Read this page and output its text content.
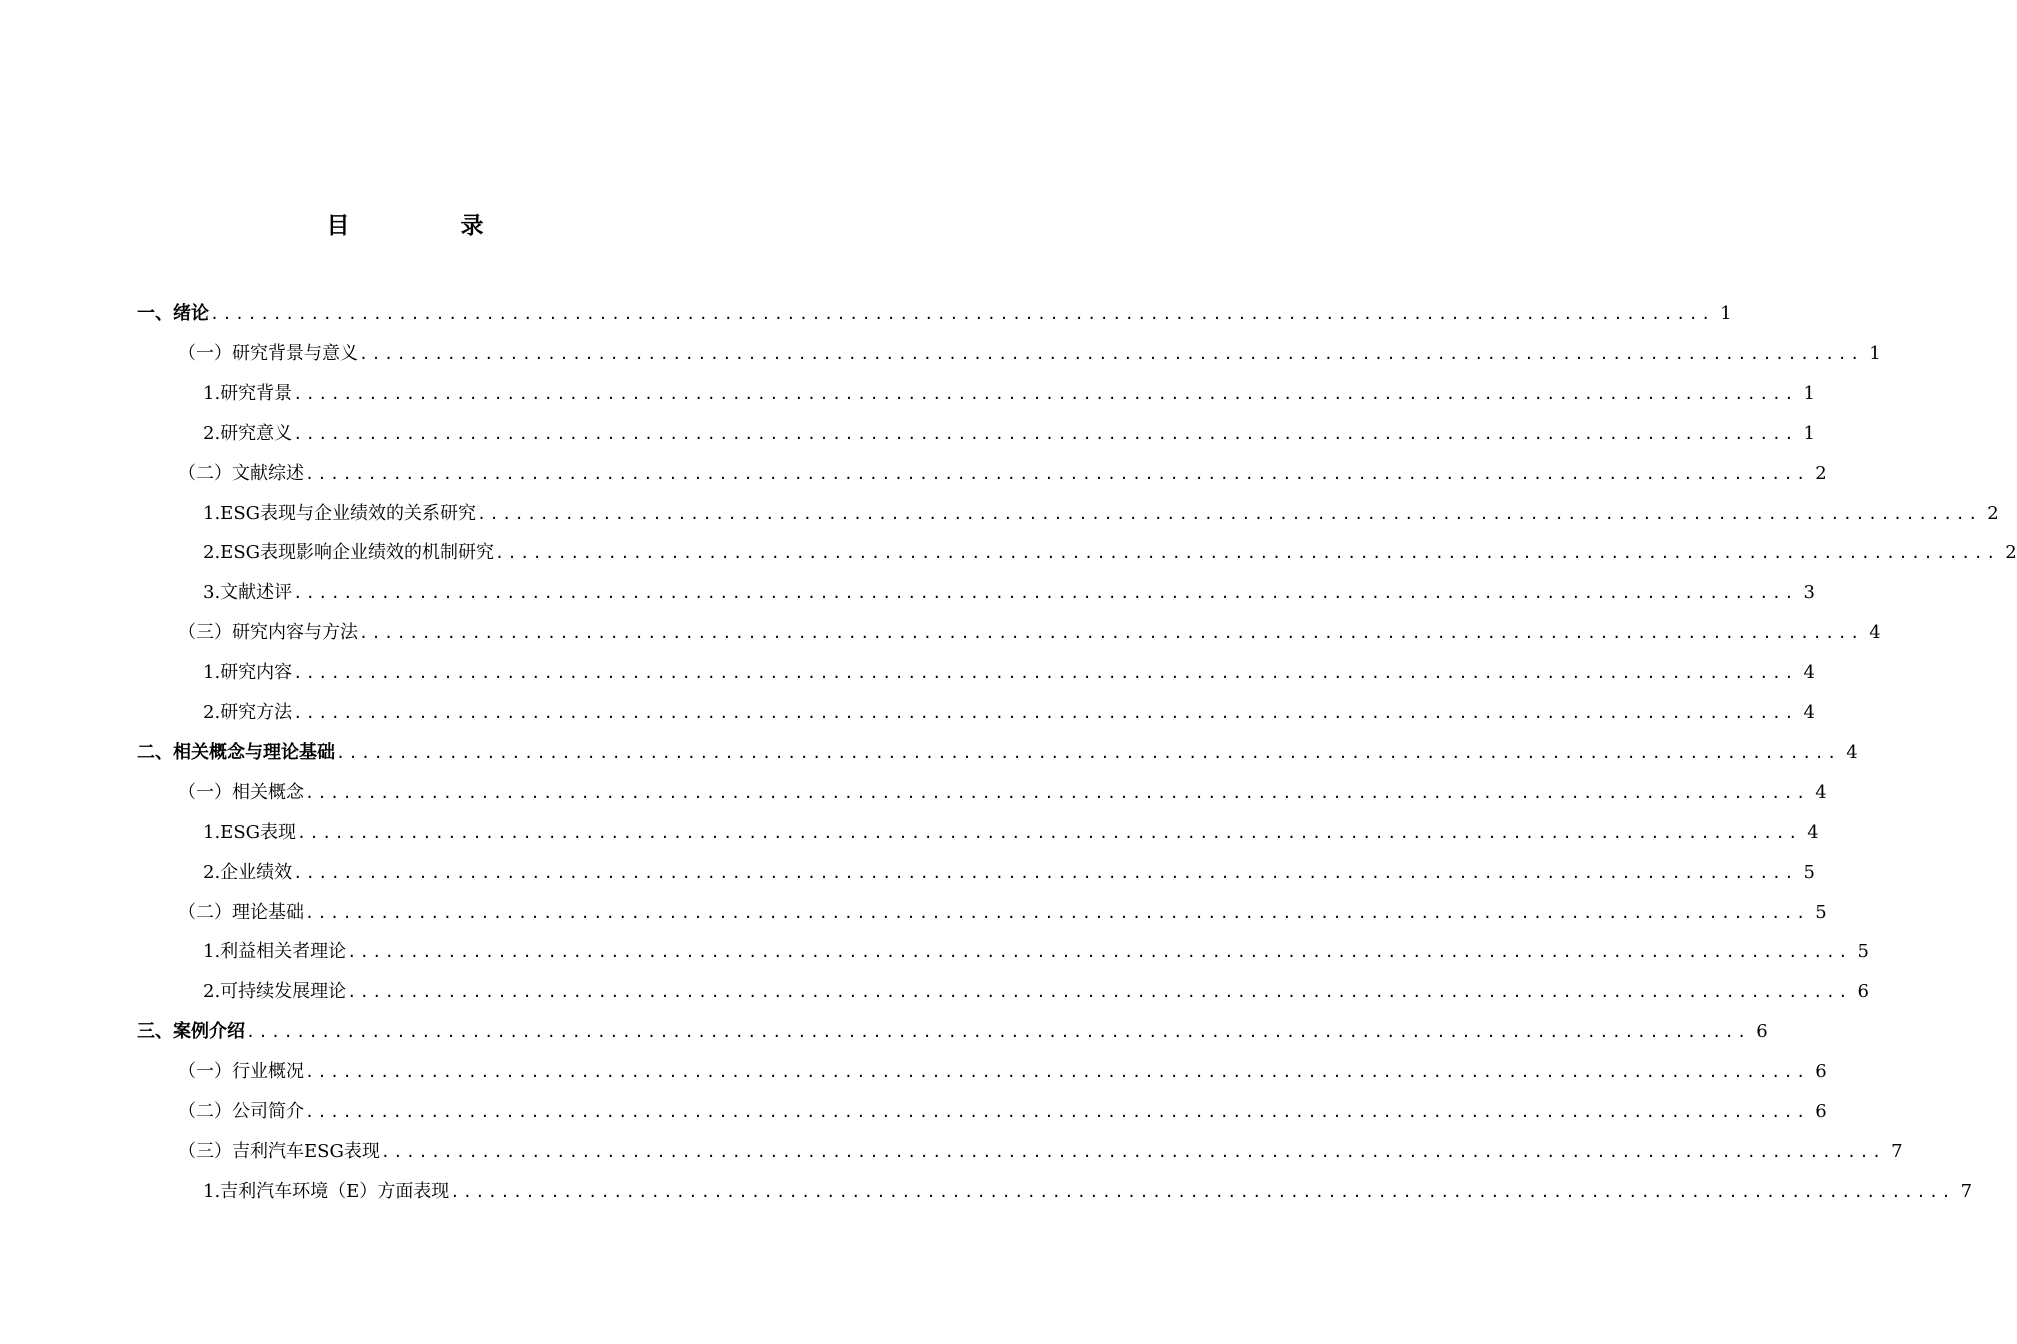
目　录
一、绪论 ........................................................................................................................ 1
（一）研究背景与意义 ........................................................................................................................ 1
1.研究背景 ........................................................................................................................ 1
2.研究意义 ........................................................................................................................ 1
（二）文献综述 ........................................................................................................................ 2
1.ESG表现与企业绩效的关系研究 ........................................................................................................................ 2
2.ESG表现影响企业绩效的机制研究 ........................................................................................................................ 2
3.文献述评 ........................................................................................................................ 3
（三）研究内容与方法 ........................................................................................................................ 4
1.研究内容 ........................................................................................................................ 4
2.研究方法 ........................................................................................................................ 4
二、相关概念与理论基础 ........................................................................................................................ 4
（一）相关概念 ........................................................................................................................ 4
1.ESG表现 ........................................................................................................................ 4
2.企业绩效 ........................................................................................................................ 5
（二）理论基础 ........................................................................................................................ 5
1.利益相关者理论 ........................................................................................................................ 5
2.可持续发展理论 ........................................................................................................................ 6
三、案例介绍 ........................................................................................................................ 6
（一）行业概况 ........................................................................................................................ 6
（二）公司简介 ........................................................................................................................ 6
（三）吉利汽车ESG表现 ........................................................................................................................ 7
1.吉利汽车环境（E）方面表现 ........................................................................................................................ 7
